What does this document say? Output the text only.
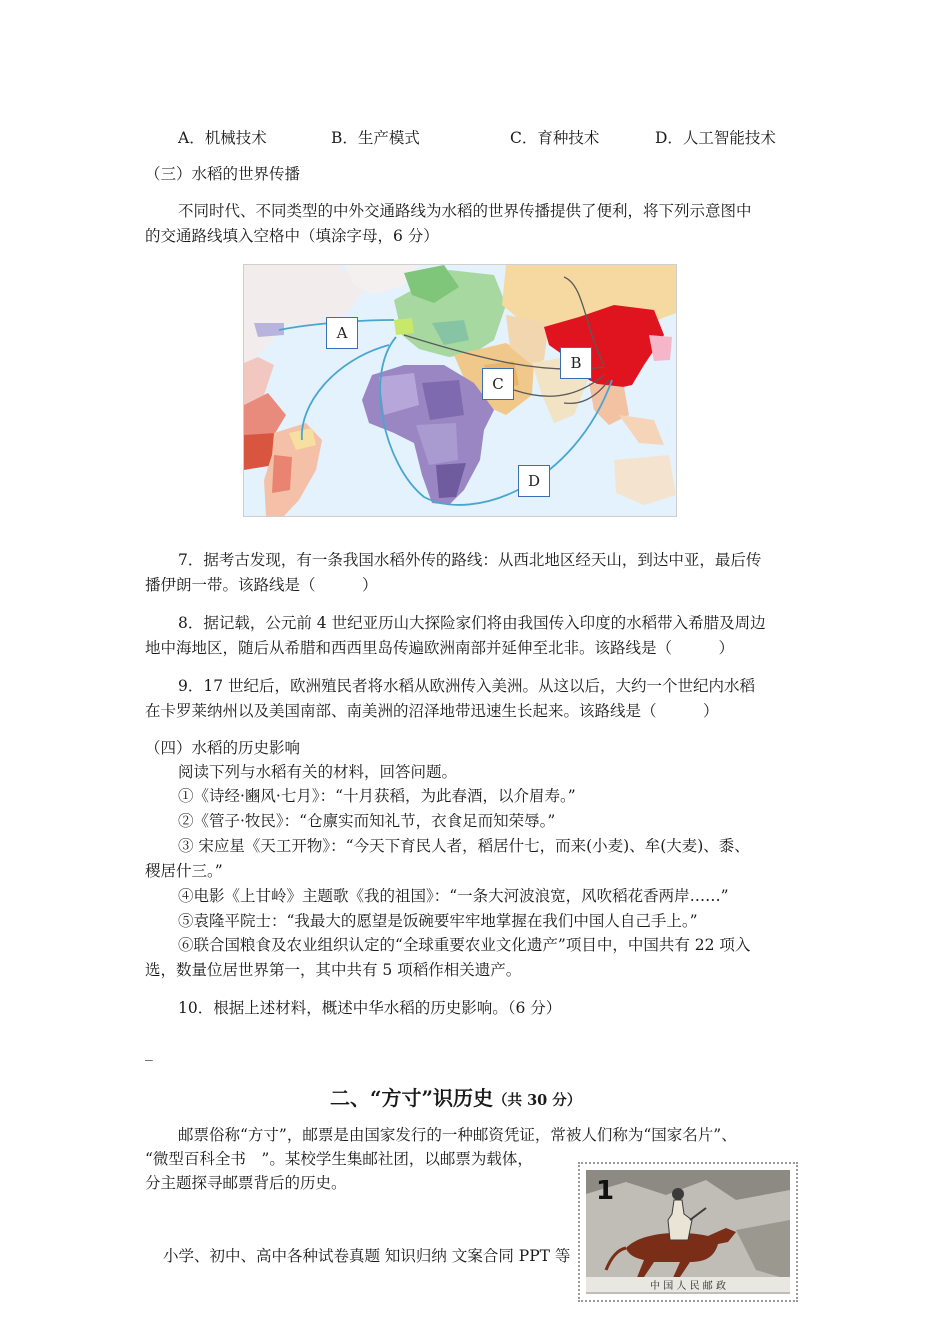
A．机械技术	B．生产模式	C．育种技术	D．人工智能技术
（三）水稻的世界传播
不同时代、不同类型的中外交通路线为水稻的世界传播提供了便利，将下列示意图中
的交通路线填入空格中（填涂字母，6 分）
A
B
C
D
7．据考古发现，有一条我国水稻外传的路线：从西北地区经天山，到达中亚，最后传
播伊朗一带。该路线是（　　　）
8．据记载，公元前 4 世纪亚历山大探险家们将由我国传入印度的水稻带入希腊及周边
地中海地区，随后从希腊和西西里岛传遍欧洲南部并延伸至北非。该路线是（　　　）
9．17 世纪后，欧洲殖民者将水稻从欧洲传入美洲。从这以后，大约一个世纪内水稻
在卡罗莱纳州以及美国南部、南美洲的沼泽地带迅速生长起来。该路线是（　　　）
（四）水稻的历史影响
阅读下列与水稻有关的材料，回答问题。
①《诗经·豳风·七月》：“十月获稻，为此春酒，以介眉寿。”
②《管子·牧民》：“仓廪实而知礼节，衣食足而知荣辱。”
③ 宋应星《天工开物》：“今天下育民人者，稻居什七，而来(小麦)、牟(大麦)、黍、
稷居什三。”
④电影《上甘岭》主题歌《我的祖国》：“一条大河波浪宽，风吹稻花香两岸……”
⑤袁隆平院士：“我最大的愿望是饭碗要牢牢地掌握在我们中国人自己手上。”
⑥联合国粮食及农业组织认定的“全球重要农业文化遗产”项目中，中国共有 22 项入
选，数量位居世界第一，其中共有 5 项稻作相关遗产。
10．根据上述材料，概述中华水稻的历史影响。（6 分）
_
二、“方寸”识历史（共 30 分）
邮票俗称“方寸”，邮票是由国家发行的一种邮资凭证，常被人们称为“国家名片”、
“微型百科全书　”。某校学生集邮社团，以邮票为载体，
分主题探寻邮票背后的历史。
小学、初中、高中各种试卷真题 知识归纳 文案合同 PPT 等
1
中 国 人 民 邮 政
